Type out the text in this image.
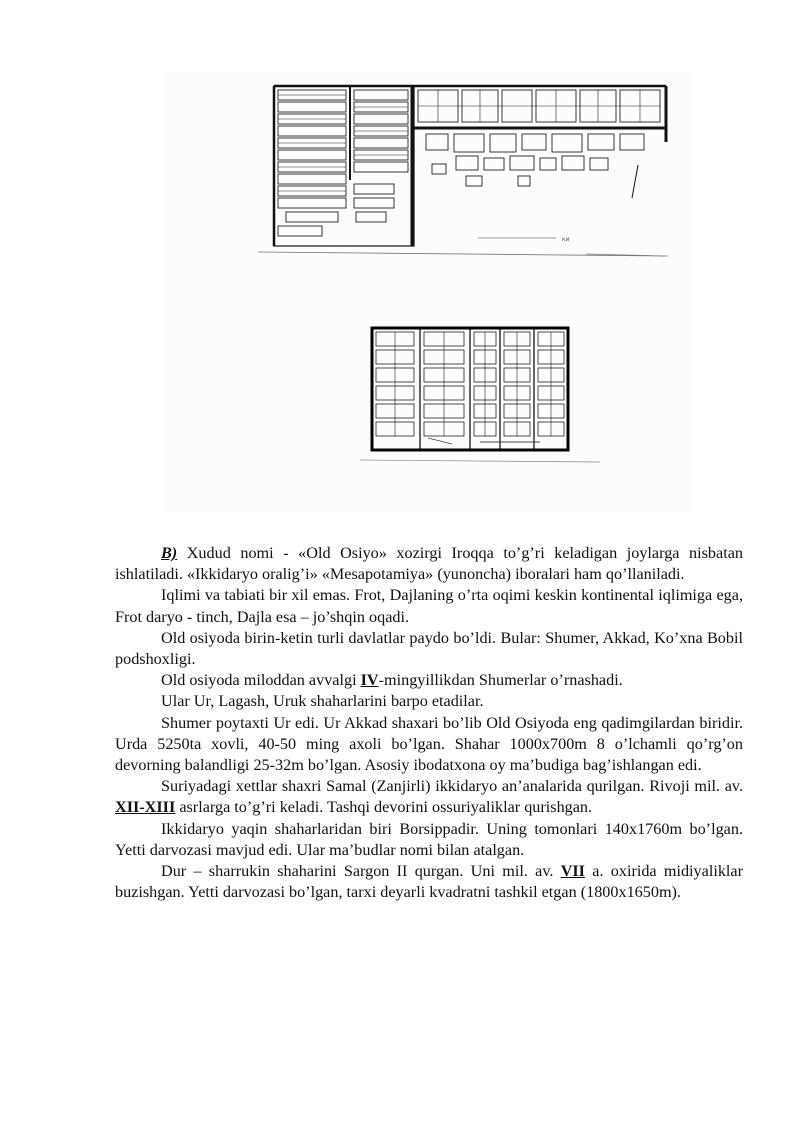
ки

B) Xudud nomi - «Old Osiyo» xozirgi Iroqqa to’g’ri keladigan joylarga nisbatan ishlatiladi. «Ikkidaryo oralig’i» «Mesapotamiya» (yunoncha) iboralari ham qo’llaniladi.

Iqlimi va tabiati bir xil emas. Frot, Dajlaning o’rta oqimi keskin kontinental iqlimiga ega, Frot daryo - tinch, Dajla esa – jo’shqin oqadi.

Old osiyoda birin-ketin turli davlatlar paydo bo’ldi. Bular: Shumer, Akkad, Ko’xna Bobil podshoxligi.

Old osiyoda miloddan avvalgi IV-mingyillikdan Shumerlar o’rnashadi.

Ular Ur, Lagash, Uruk shaharlarini barpo etadilar.

Shumer poytaxti Ur edi. Ur Akkad shaxari bo’lib Old Osiyoda eng qadimgilardan biridir. Urda 5250ta xovli, 40-50 ming axoli bo’lgan. Shahar 1000x700m 8 o’lchamli qo’rg’on devorning balandligi 25-32m bo’lgan. Asosiy ibodatxona oy ma’budiga bag’ishlangan edi.

Suriyadagi xettlar shaxri Samal (Zanjirli) ikkidaryo an’analarida qurilgan. Rivoji mil. av. XII-XIII asrlarga to’g’ri keladi. Tashqi devorini ossuriyaliklar qurishgan.

Ikkidaryo yaqin shaharlaridan biri Borsippadir. Uning tomonlari 140x1760m bo’lgan. Yetti darvozasi mavjud edi. Ular ma’budlar nomi bilan atalgan.

Dur – sharrukin shaharini Sargon II qurgan. Uni mil. av. VII a. oxirida midiyaliklar buzishgan. Yetti darvozasi bo’lgan, tarxi deyarli kvadratni tashkil etgan (1800x1650m).
